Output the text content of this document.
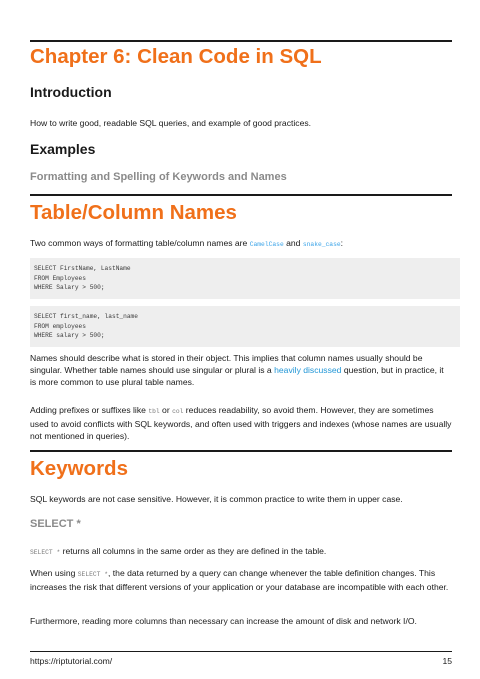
Chapter 6: Clean Code in SQL
Introduction

How to write good, readable SQL queries, and example of good practices.

Examples
Formatting and Spelling of Keywords and Names
Table/Column Names

Two common ways of formatting table/column names are CamelCase and snake_case:

SELECT FirstName, LastName
FROM Employees
WHERE Salary > 500;
SELECT first_name, last_name
FROM employees
WHERE salary > 500;

Names should describe what is stored in their object. This implies that column names usually should be singular. Whether table names should use singular or plural is a heavily discussed question, but in practice, it is more common to use plural table names.

Adding prefixes or suffixes like tbl or col reduces readability, so avoid them. However, they are sometimes used to avoid conflicts with SQL keywords, and often used with triggers and indexes (whose names are usually not mentioned in queries).

Keywords

SQL keywords are not case sensitive. However, it is common practice to write them in upper case.

SELECT *

SELECT * returns all columns in the same order as they are defined in the table.

When using SELECT *, the data returned by a query can change whenever the table definition changes. This increases the risk that different versions of your application or your database are incompatible with each other.

Furthermore, reading more columns than necessary can increase the amount of disk and network I/O.

https://riptutorial.com/	15
